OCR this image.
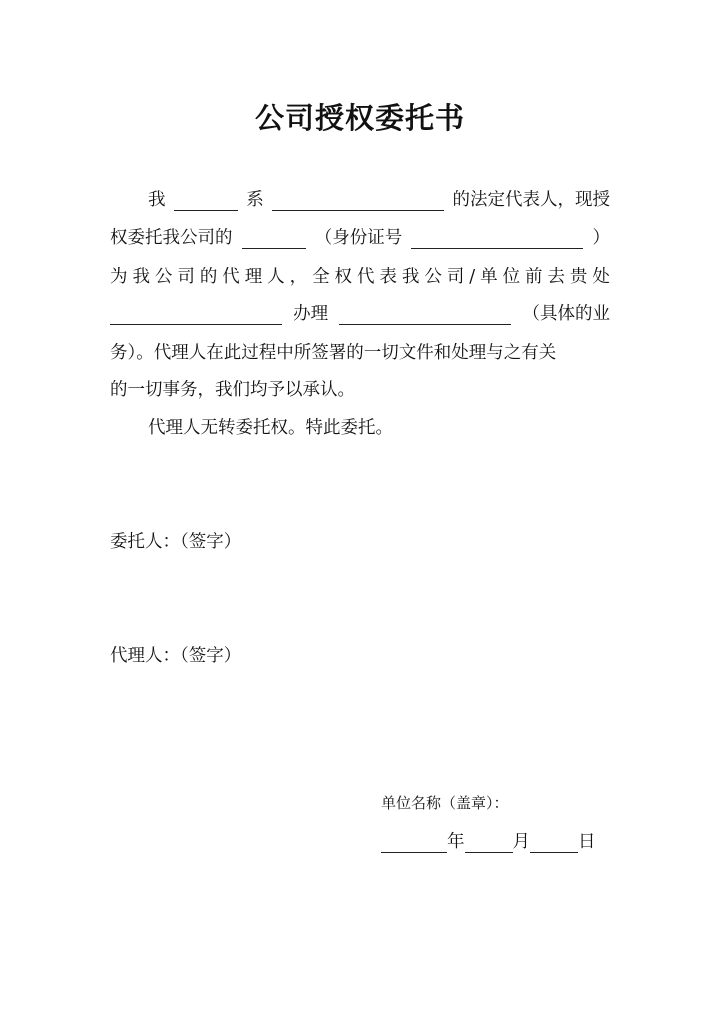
公司授权委托书
我	系	的法定代表人，现授
权委托我公司的	（身份证号	）
为 我 公 司 的 代 理 人 ， 全 权 代 表 我 公 司 / 单 位 前 去 贵 处
办理	（具体的业
务）。代理人在此过程中所签署的一切文件和处理与之有关
的一切事务，我们均予以承认。
代理人无转委托权。特此委托。
委托人：（签字）
代理人：（签字）
单位名称（盖章）：
年	月	日
